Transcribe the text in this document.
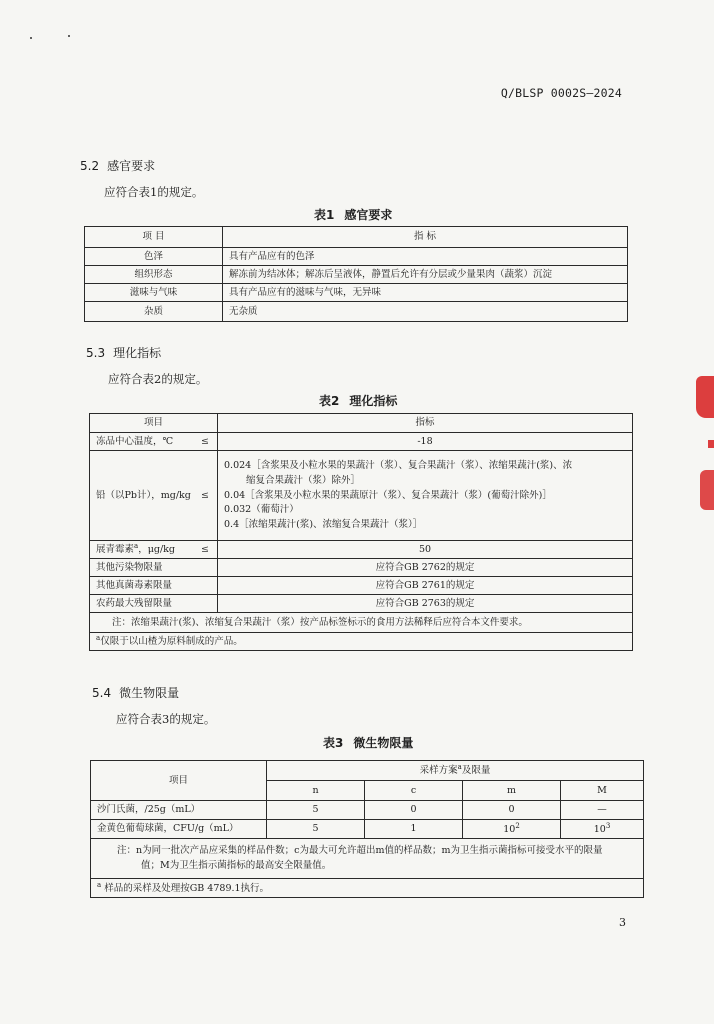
Q/BLSP 0002S—2024
5.2 感官要求
应符合表1的规定。
表1 感官要求
项 目	指 标
色泽	具有产品应有的色泽
组织形态	解冻前为结冰体；解冻后呈液体，静置后允许有分层或少量果肉（蔬浆）沉淀
滋味与气味	具有产品应有的滋味与气味，无异味
杂质	无杂质
5.3 理化指标
应符合表2的规定。
表2 理化指标
项目		指标
冻品中心温度，℃	≤	-18
铅（以Pb计），mg/kg	≤	0.024［含浆果及小粒水果的果蔬汁（浆）、复合果蔬汁（浆）、浓缩果蔬汁(浆)、浓
缩复合果蔬汁（浆）除外］
0.04［含浆果及小粒水果的果蔬原汁（浆）、复合果蔬汁（浆）(葡萄汁除外)］
0.032（葡萄汁）
0.4［浓缩果蔬汁(浆)、浓缩复合果蔬汁（浆）］

展青霉素$^a$，μg/kg	≤	50
其他污染物限量		应符合GB 2762的规定
其他真菌毒素限量		应符合GB 2761的规定
农药最大残留限量		应符合GB 2763的规定
注：浓缩果蔬汁(浆)、浓缩复合果蔬汁（浆）按产品标签标示的食用方法稀释后应符合本文件要求。		
$^a$仅限于以山楂为原料制成的产品。		
5.4 微生物限量
应符合表3的规定。
表3 微生物限量
项目	采样方案$^a$及限量			
	n	c	m	M
沙门氏菌，/25g（mL）	5	0	0	—
金黄色葡萄球菌，CFU/g（mL）	5	1	$10^2$	$10^3$

注：n为同一批次产品应采集的样品件数；c为最大可允许超出m值的样品数；m为卫生指示菌指标可接受水平的限量
值；M为卫生指示菌指标的最高安全限量值。				

$^a$ 样品的采样及处理按GB 4789.1执行。				
3
